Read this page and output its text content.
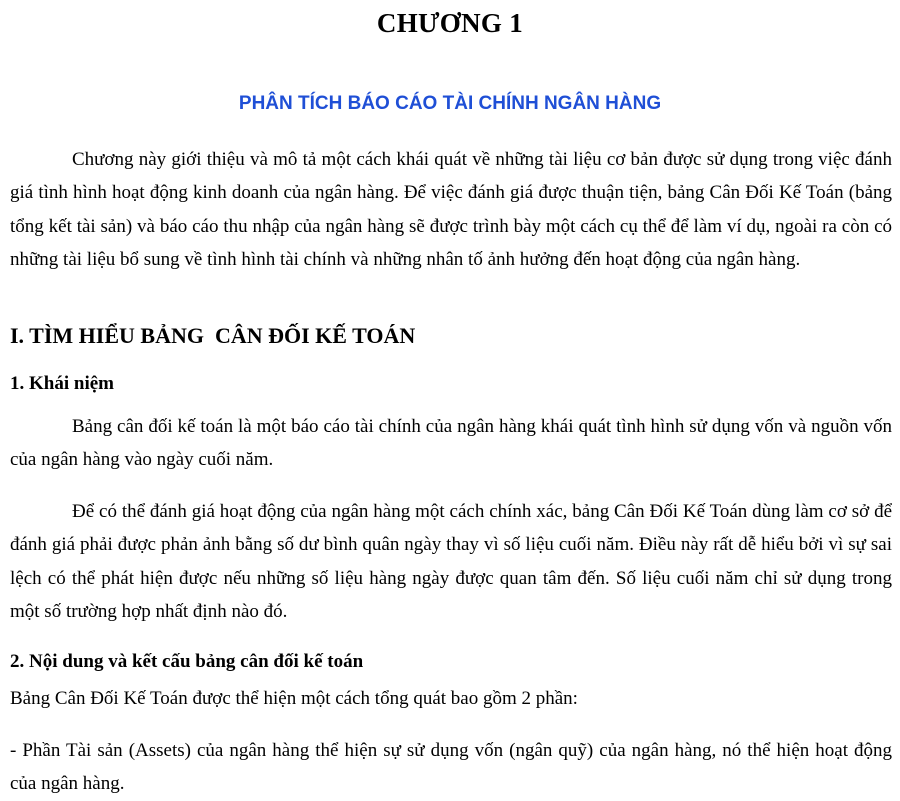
CHƯƠNG 1
PHÂN TÍCH BÁO CÁO TÀI CHÍNH NGÂN HÀNG

Chương này giới thiệu và mô tả một cách khái quát về những tài liệu cơ bản được sử dụng trong việc đánh giá tình hình hoạt động kinh doanh của ngân hàng. Để việc đánh giá được thuận tiện, bảng Cân Đối Kế Toán (bảng tổng kết tài sản) và báo cáo thu nhập của ngân hàng sẽ được trình bày một cách cụ thể để làm ví dụ, ngoài ra còn có những tài liệu bổ sung về tình hình tài chính và những nhân tố ảnh hưởng đến hoạt động của ngân hàng.

I. TÌM HIỂU BẢNG  CÂN ĐỐI KẾ TOÁN
1. Khái niệm

Bảng cân đối kế toán là một báo cáo tài chính của ngân hàng khái quát tình hình sử dụng vốn và nguồn vốn của ngân hàng vào ngày cuối năm.

Để có thể đánh giá hoạt động của ngân hàng một cách chính xác, bảng Cân Đối Kế Toán dùng làm cơ sở để đánh giá phải được phản ảnh bằng số dư bình quân ngày thay vì số liệu cuối năm. Điều này rất dễ hiểu bởi vì sự sai lệch có thể phát hiện được nếu những số liệu hàng ngày được quan tâm đến. Số liệu cuối năm chỉ sử dụng trong một số trường hợp nhất định nào đó.

2. Nội dung và kết cấu bảng cân đối kế toán

Bảng Cân Đối Kế Toán được thể hiện một cách tổng quát bao gồm 2 phần:

- Phần Tài sản (Assets) của ngân hàng thể hiện sự sử dụng vốn (ngân quỹ) của ngân hàng, nó thể hiện hoạt động của ngân hàng.
